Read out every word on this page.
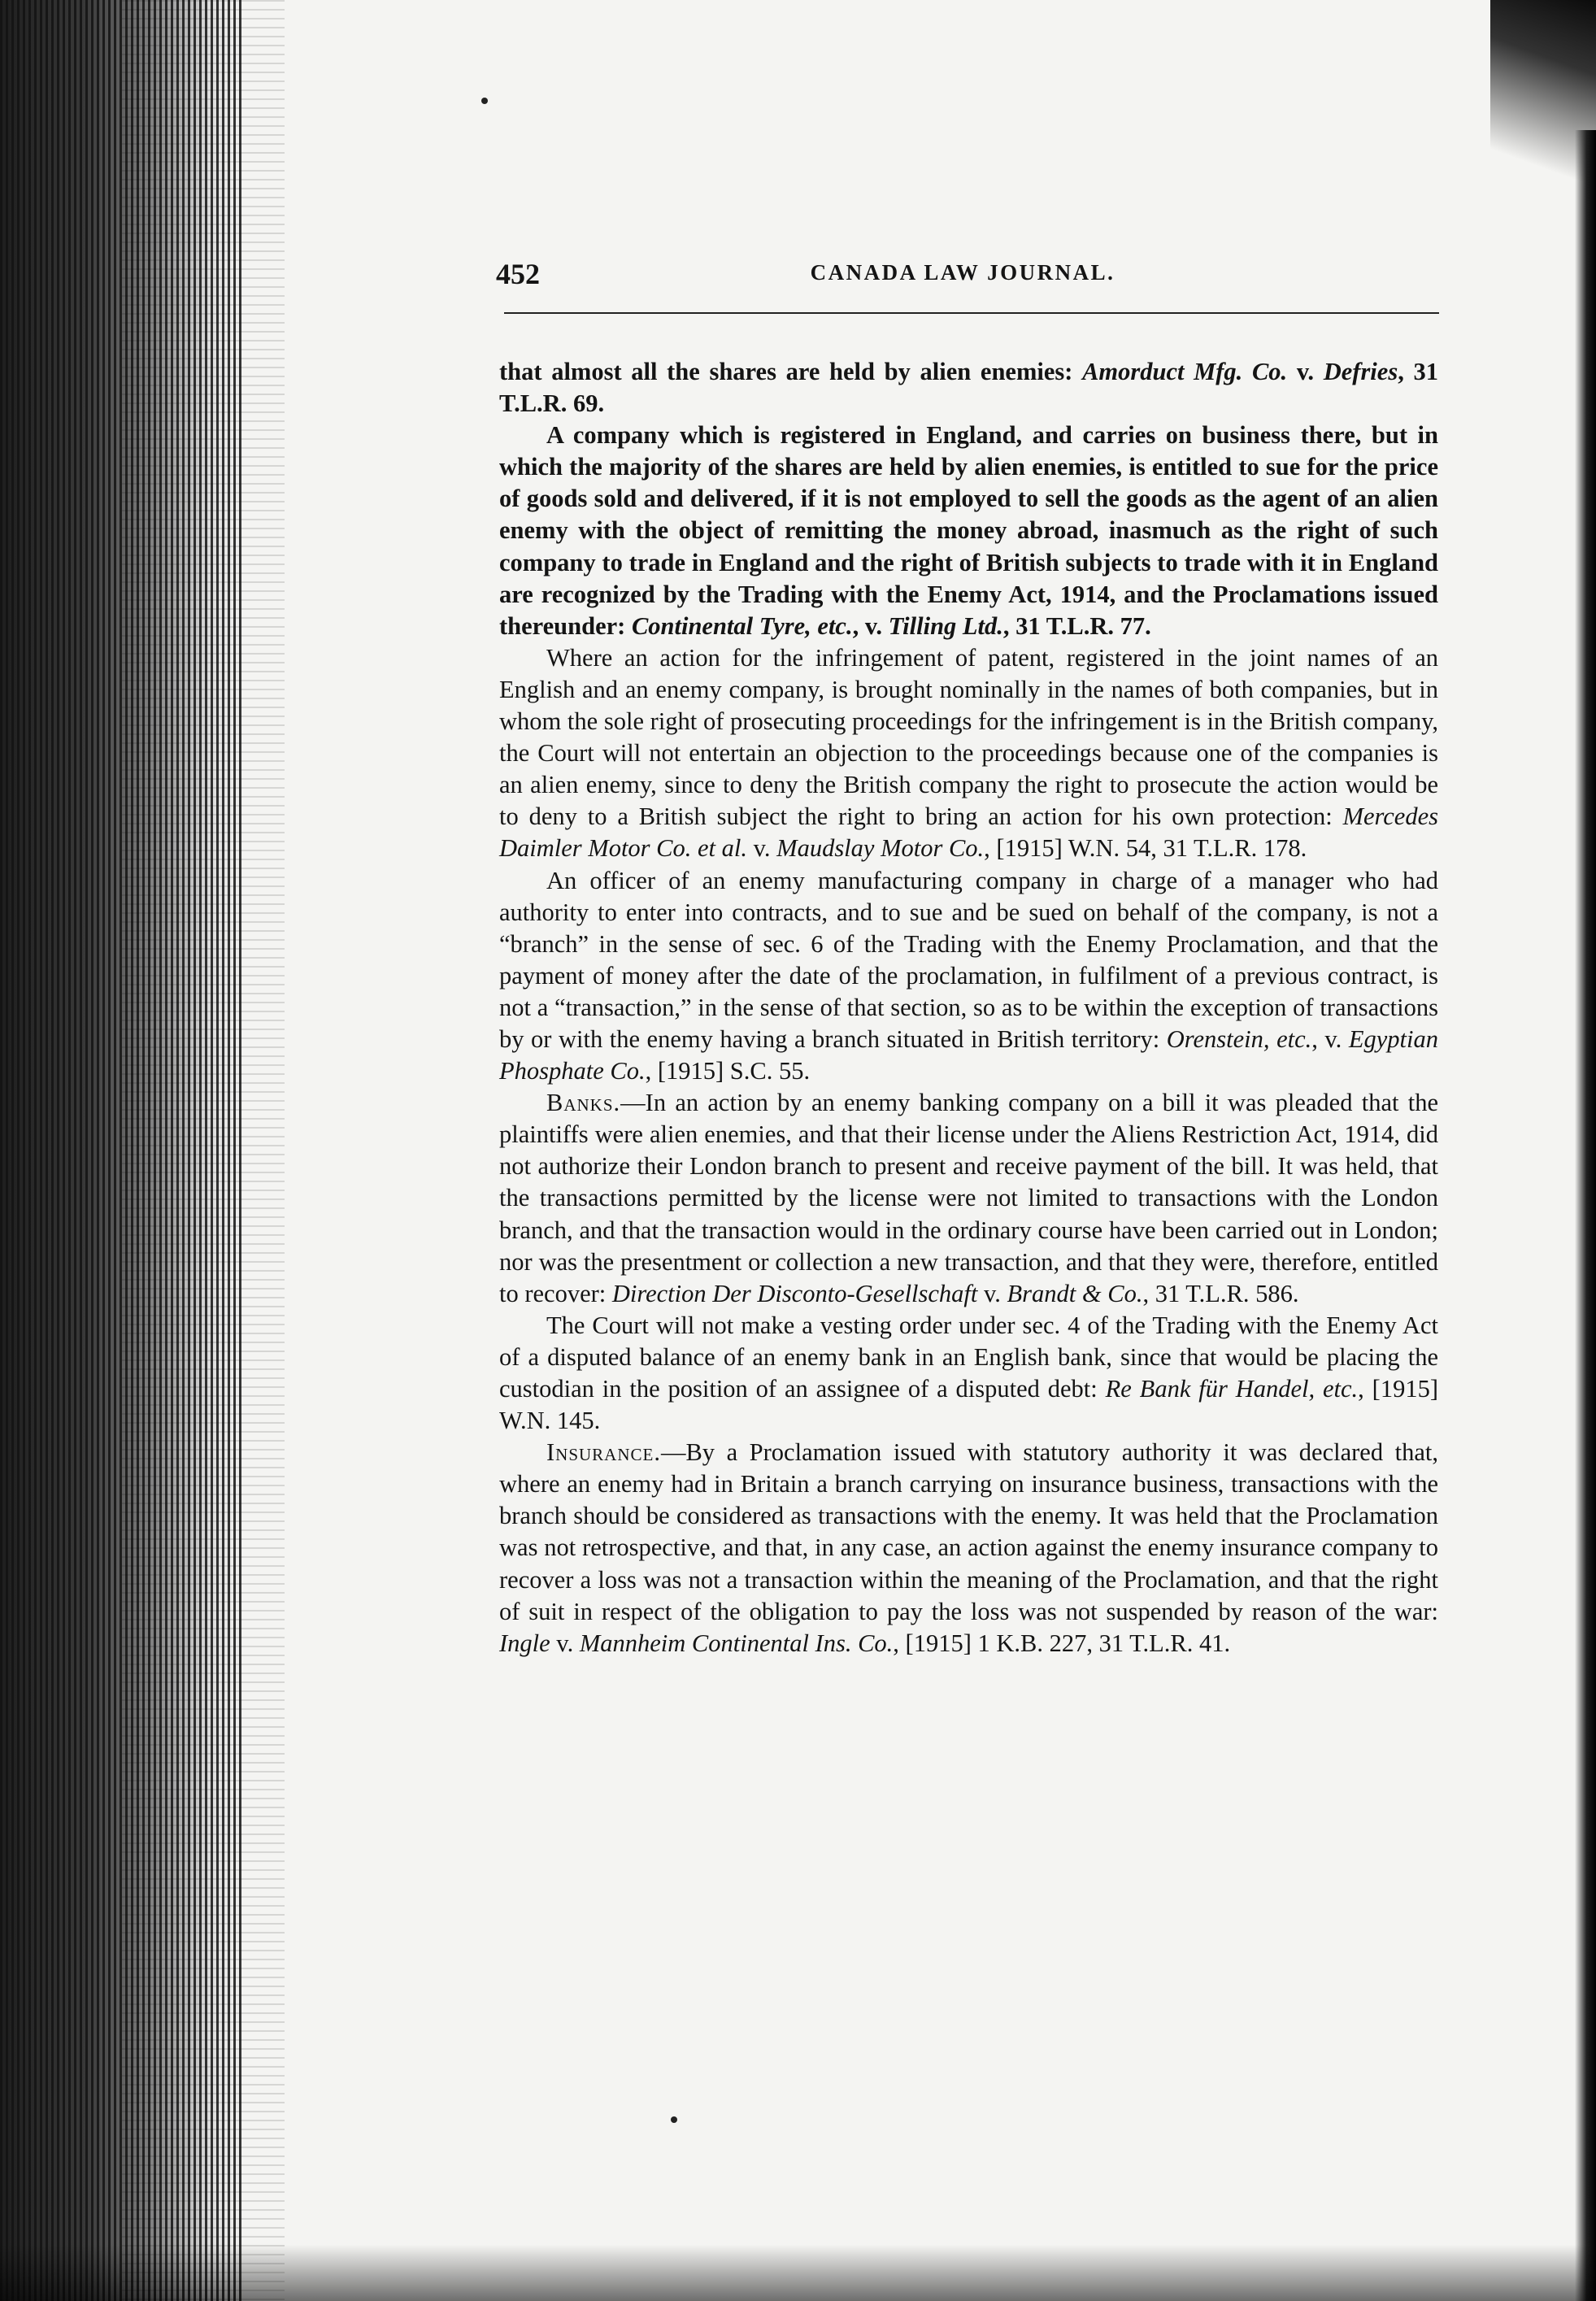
452	CANADA LAW JOURNAL.

that almost all the shares are held by alien enemies: Amorduct Mfg. Co. v. Defries, 31 T.L.R. 69.

A company which is registered in England, and carries on business there, but in which the majority of the shares are held by alien enemies, is entitled to sue for the price of goods sold and delivered, if it is not employed to sell the goods as the agent of an alien enemy with the object of remitting the money abroad, inasmuch as the right of such company to trade in England and the right of British subjects to trade with it in England are recognized by the Trading with the Enemy Act, 1914, and the Proclamations issued thereunder: Continental Tyre, etc., v. Tilling Ltd., 31 T.L.R. 77.

Where an action for the infringement of patent, registered in the joint names of an English and an enemy company, is brought nominally in the names of both companies, but in whom the sole right of prosecuting proceedings for the infringement is in the British company, the Court will not entertain an objection to the proceedings because one of the companies is an alien enemy, since to deny the British company the right to prosecute the action would be to deny to a British subject the right to bring an action for his own protection: Mercedes Daimler Motor Co. et al. v. Maudslay Motor Co., [1915] W.N. 54, 31 T.L.R. 178.

An officer of an enemy manufacturing company in charge of a manager who had authority to enter into contracts, and to sue and be sued on behalf of the company, is not a “branch” in the sense of sec. 6 of the Trading with the Enemy Proclamation, and that the payment of money after the date of the proclamation, in fulfilment of a previous contract, is not a “transaction,” in the sense of that section, so as to be within the exception of transactions by or with the enemy having a branch situated in British territory: Orenstein, etc., v. Egyptian Phosphate Co., [1915] S.C. 55.

Banks.—In an action by an enemy banking company on a bill it was pleaded that the plaintiffs were alien enemies, and that their license under the Aliens Restriction Act, 1914, did not authorize their London branch to present and receive payment of the bill. It was held, that the transactions permitted by the license were not limited to transactions with the London branch, and that the transaction would in the ordinary course have been carried out in London; nor was the presentment or collection a new transaction, and that they were, therefore, entitled to recover: Direction Der Disconto-Gesellschaft v. Brandt & Co., 31 T.L.R. 586.

The Court will not make a vesting order under sec. 4 of the Trading with the Enemy Act of a disputed balance of an enemy bank in an English bank, since that would be placing the custodian in the position of an assignee of a disputed debt: Re Bank für Handel, etc., [1915] W.N. 145.

Insurance.—By a Proclamation issued with statutory authority it was declared that, where an enemy had in Britain a branch carrying on insurance business, transactions with the branch should be considered as transactions with the enemy. It was held that the Proclamation was not retrospective, and that, in any case, an action against the enemy insurance company to recover a loss was not a transaction within the meaning of the Proclamation, and that the right of suit in respect of the obligation to pay the loss was not suspended by reason of the war: Ingle v. Mannheim Continental Ins. Co., [1915] 1 K.B. 227, 31 T.L.R. 41.
